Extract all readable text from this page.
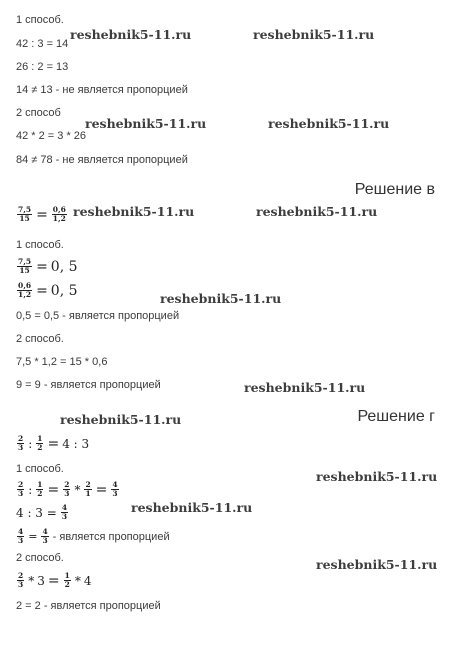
reshebnik5-11.ru	reshebnik5-11.ru
reshebnik5-11.ru	reshebnik5-11.ru
reshebnik5-11.ru	reshebnik5-11.ru
reshebnik5-11.ru
reshebnik5-11.ru
reshebnik5-11.ru
reshebnik5-11.ru
reshebnik5-11.ru
reshebnik5-11.ru
1 способ.
42 : 3 = 14
26 : 2 = 13
14 ≠ 13 - не является пропорцией
2 способ
42 * 2 = 3 * 26
84 ≠ 78 - не является пропорцией
Решение в
$\frac{7,5}{15} = \frac{0,6}{1,2}$
1 способ.
$\frac{7,5}{15} = 0$, 5
$\frac{0,6}{1,2} = 0$, 5
0,5 = 0,5 - является пропорцией
2 способ.
7,5 * 1,2 = 15 * 0,6
9 = 9 - является пропорцией
Решение г
$\frac{2}{3}$ : $\frac{1}{2} = 4$ : 3
1 способ.
$\frac{2}{3}$ : $\frac{1}{2} = \frac{2}{3} * \frac{2}{1} = \frac{4}{3}$
4 : $3 = \frac{4}{3}$
$\frac{4}{3} = \frac{4}{3}$ - является пропорцией
2 способ.
$\frac{2}{3} * 3 = \frac{1}{2} * 4$
2 = 2 - является пропорцией
